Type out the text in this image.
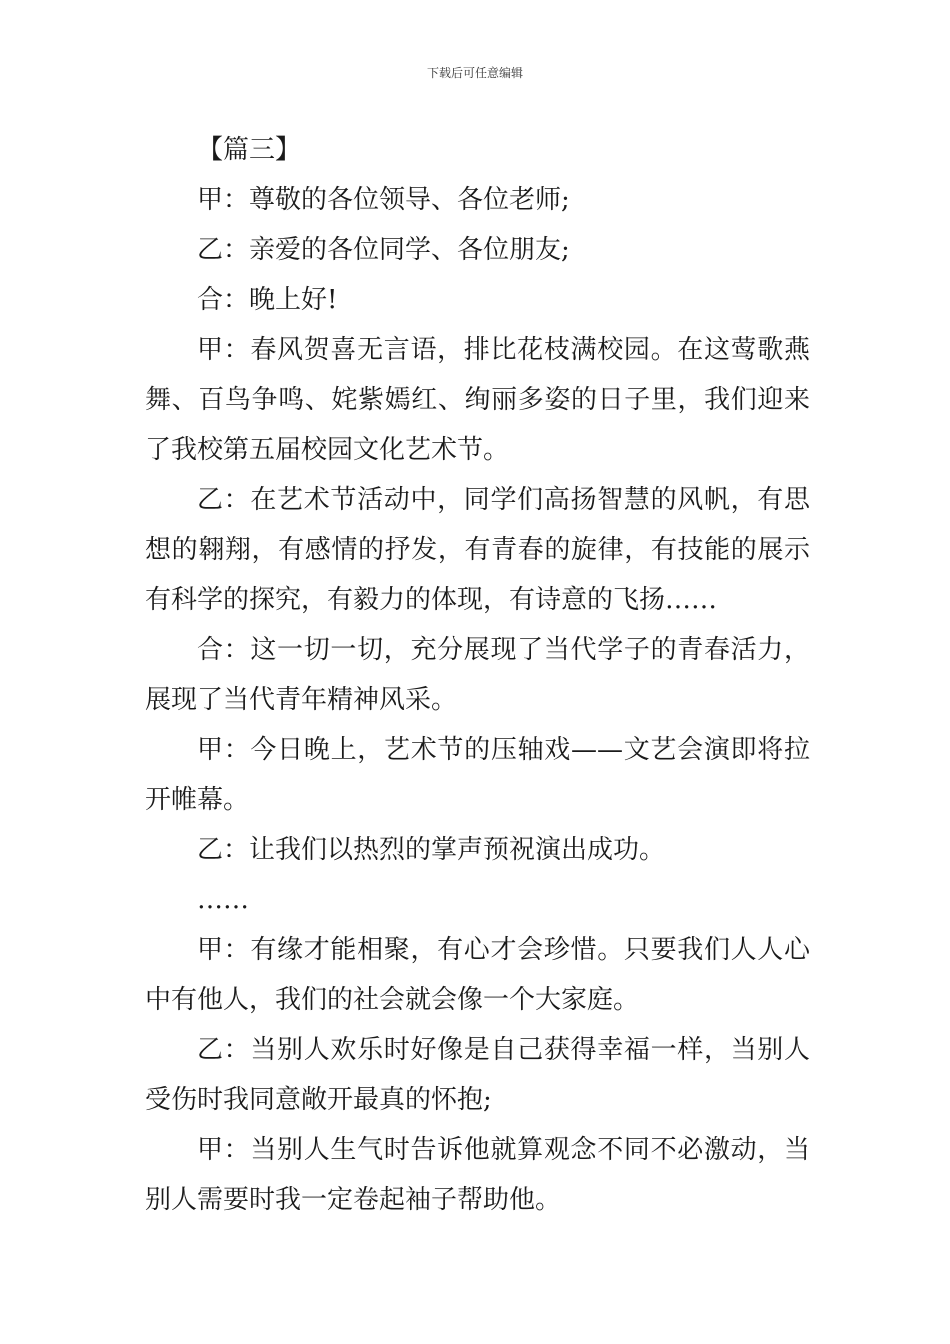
下载后可任意编辑

【篇三】

甲：尊敬的各位领导、各位老师;

乙：亲爱的各位同学、各位朋友;

合：晚上好!

甲：春风贺喜无言语，排比花枝满校园。在这莺歌燕舞、百鸟争鸣、姹紫嫣红、绚丽多姿的日子里，我们迎来了我校第五届校园文化艺术节。

乙：在艺术节活动中，同学们高扬智慧的风帆，有思想的翱翔，有感情的抒发，有青春的旋律，有技能的展示有科学的探究，有毅力的体现，有诗意的飞扬……

合：这一切一切，充分展现了当代学子的青春活力，展现了当代青年精神风采。

甲：今日晚上，艺术节的压轴戏——文艺会演即将拉开帷幕。

乙：让我们以热烈的掌声预祝演出成功。

……

甲：有缘才能相聚，有心才会珍惜。只要我们人人心中有他人，我们的社会就会像一个大家庭。

乙：当别人欢乐时好像是自己获得幸福一样，当别人受伤时我同意敞开最真的怀抱;

甲：当别人生气时告诉他就算观念不同不必激动，当别人需要时我一定卷起袖子帮助他。
